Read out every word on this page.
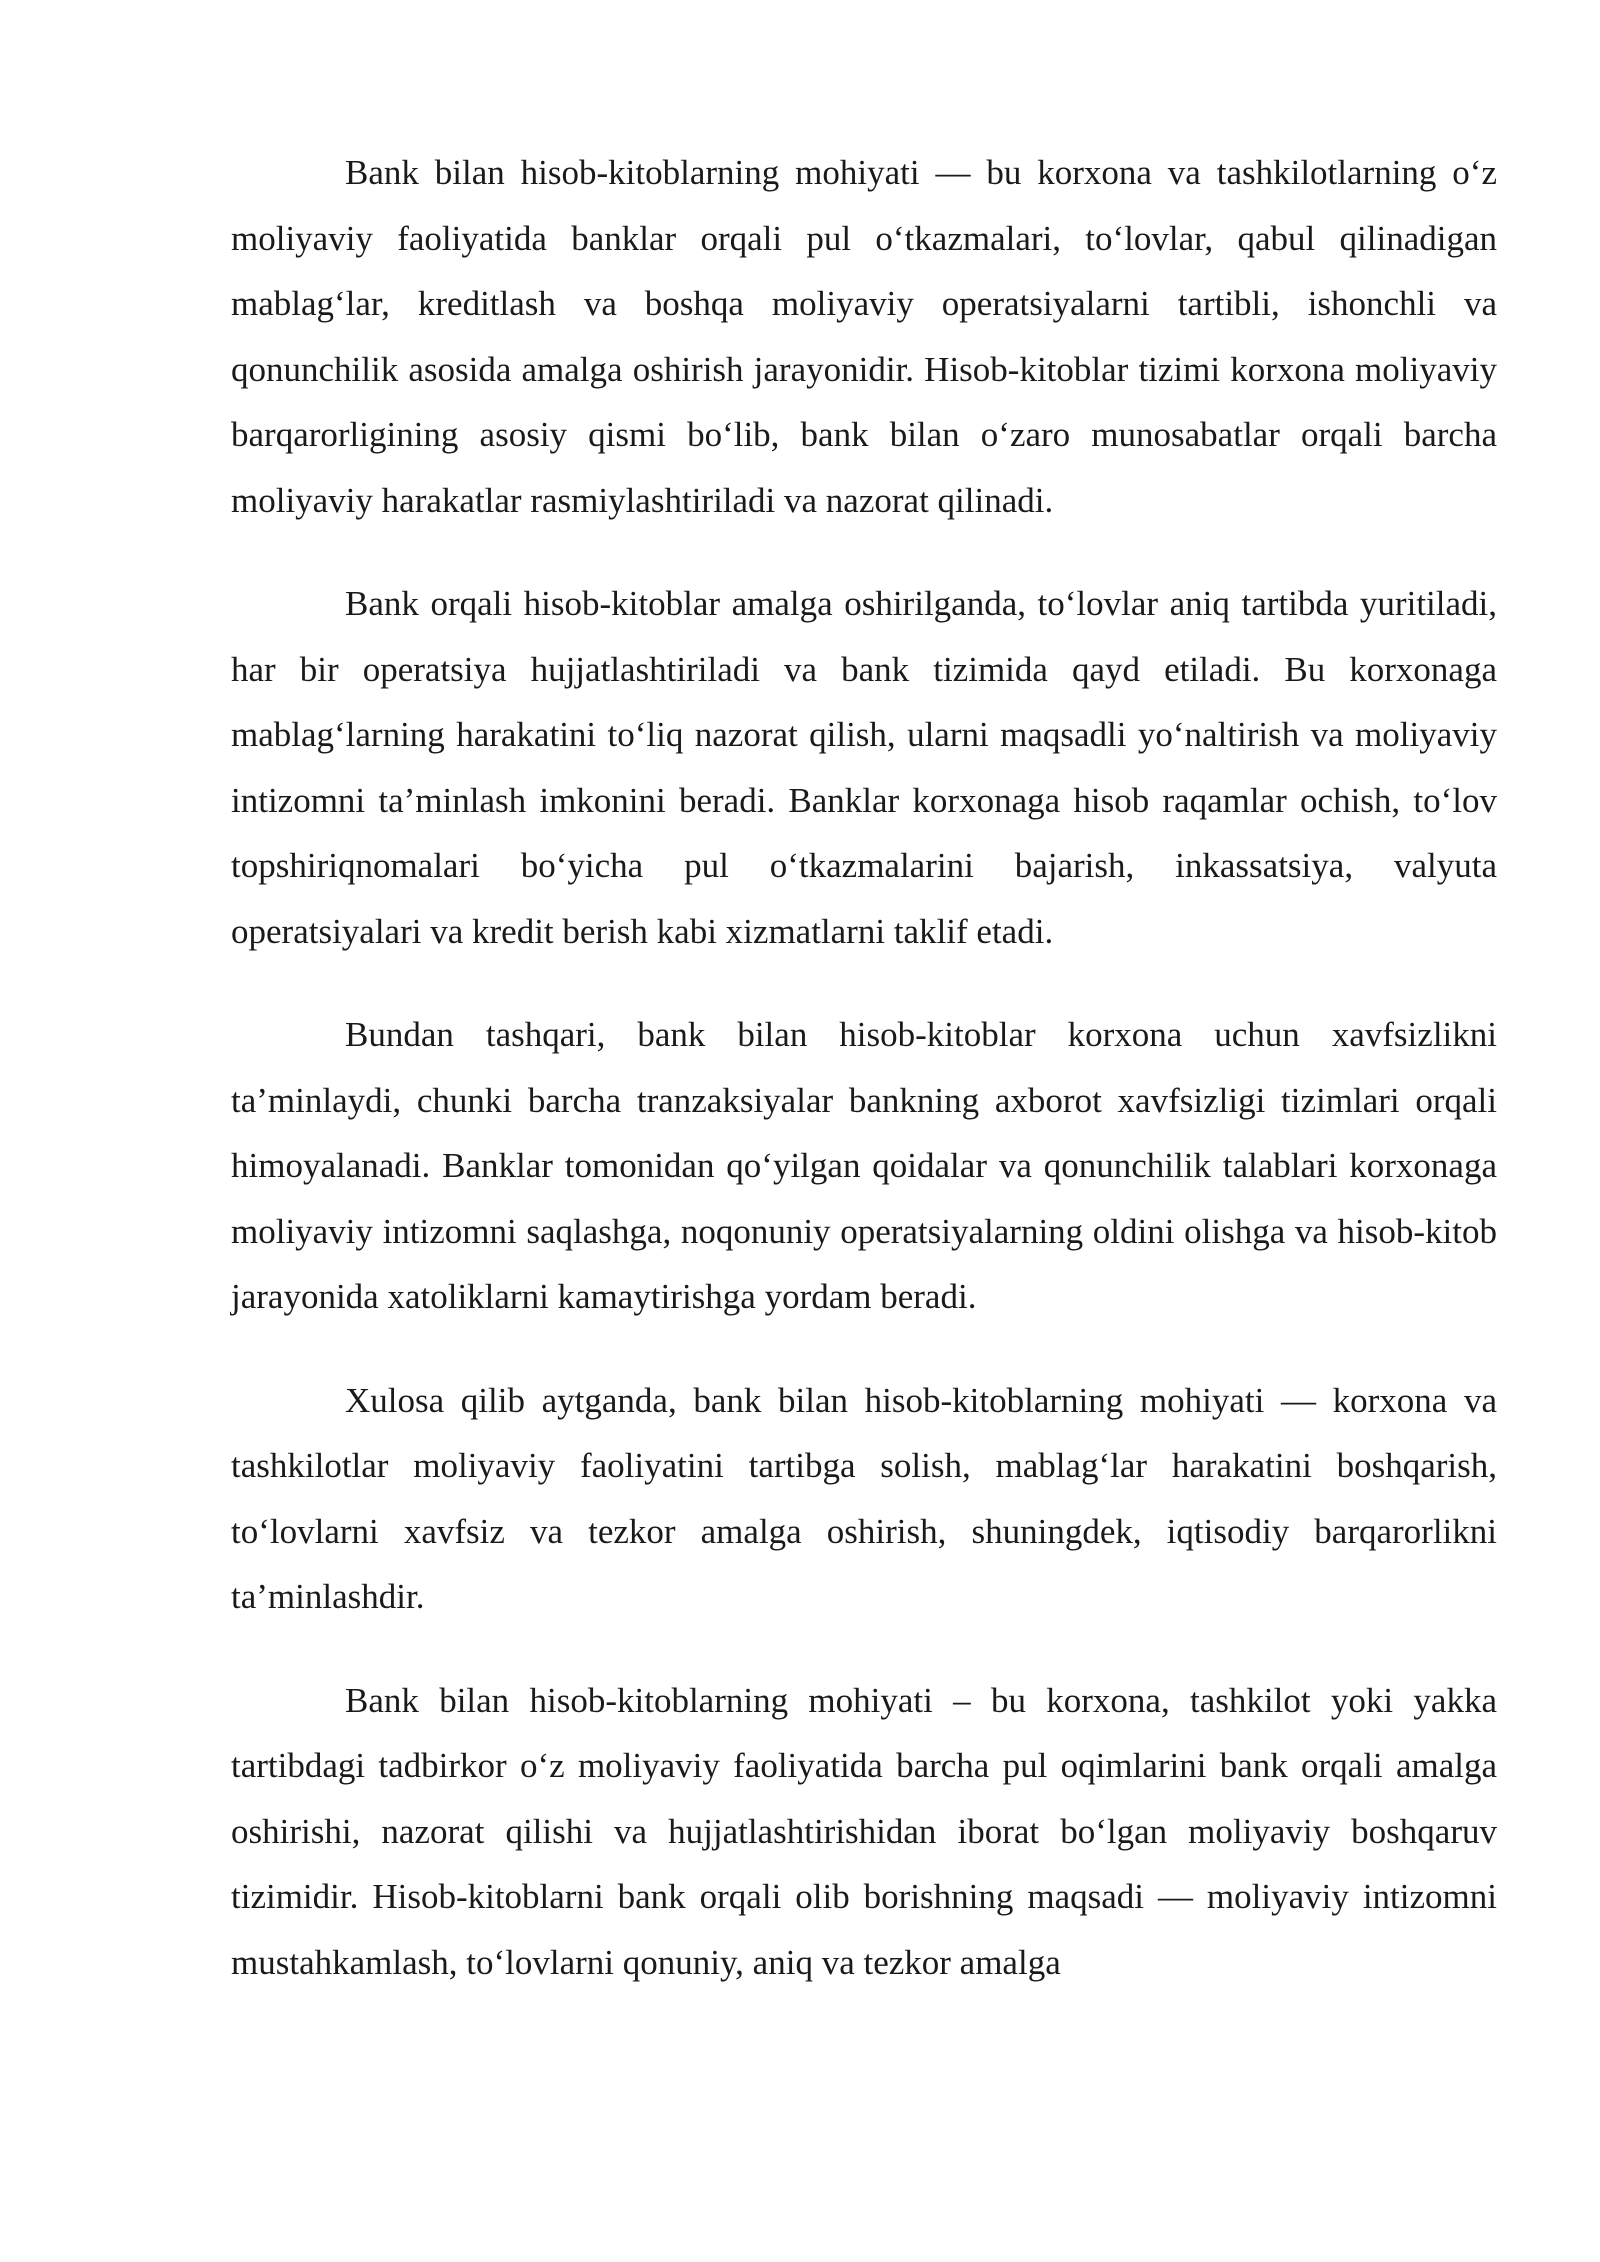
Bank bilan hisob-kitoblarning mohiyati — bu korxona va tashkilotlarning o‘z moliyaviy faoliyatida banklar orqali pul o‘tkazmalari, to‘lovlar, qabul qilinadigan mablag‘lar, kreditlash va boshqa moliyaviy operatsiyalarni tartibli, ishonchli va qonunchilik asosida amalga oshirish jarayonidir. Hisob-kitoblar tizimi korxona moliyaviy barqarorligining asosiy qismi bo‘lib, bank bilan o‘zaro munosabatlar orqali barcha moliyaviy harakatlar rasmiylashtiriladi va nazorat qilinadi.

Bank orqali hisob-kitoblar amalga oshirilganda, to‘lovlar aniq tartibda yuritiladi, har bir operatsiya hujjatlashtiriladi va bank tizimida qayd etiladi. Bu korxonaga mablag‘larning harakatini to‘liq nazorat qilish, ularni maqsadli yo‘naltirish va moliyaviy intizomni ta’minlash imkonini beradi. Banklar korxonaga hisob raqamlar ochish, to‘lov topshiriqnomalari bo‘yicha pul o‘tkazmalarini bajarish, inkassatsiya, valyuta operatsiyalari va kredit berish kabi xizmatlarni taklif etadi.

Bundan tashqari, bank bilan hisob-kitoblar korxona uchun xavfsizlikni ta’minlaydi, chunki barcha tranzaksiyalar bankning axborot xavfsizligi tizimlari orqali himoyalanadi. Banklar tomonidan qo‘yilgan qoidalar va qonunchilik talablari korxonaga moliyaviy intizomni saqlashga, noqonuniy operatsiyalarning oldini olishga va hisob-kitob jarayonida xatoliklarni kamaytirishga yordam beradi.

Xulosa qilib aytganda, bank bilan hisob-kitoblarning mohiyati — korxona va tashkilotlar moliyaviy faoliyatini tartibga solish, mablag‘lar harakatini boshqarish, to‘lovlarni xavfsiz va tezkor amalga oshirish, shuningdek, iqtisodiy barqarorlikni ta’minlashdir.

Bank bilan hisob-kitoblarning mohiyati – bu korxona, tashkilot yoki yakka tartibdagi tadbirkor o‘z moliyaviy faoliyatida barcha pul oqimlarini bank orqali amalga oshirishi, nazorat qilishi va hujjatlashtirishidan iborat bo‘lgan moliyaviy boshqaruv tizimidir. Hisob-kitoblarni bank orqali olib borishning maqsadi — moliyaviy intizomni mustahkamlash, to‘lovlarni qonuniy, aniq va tezkor amalga
